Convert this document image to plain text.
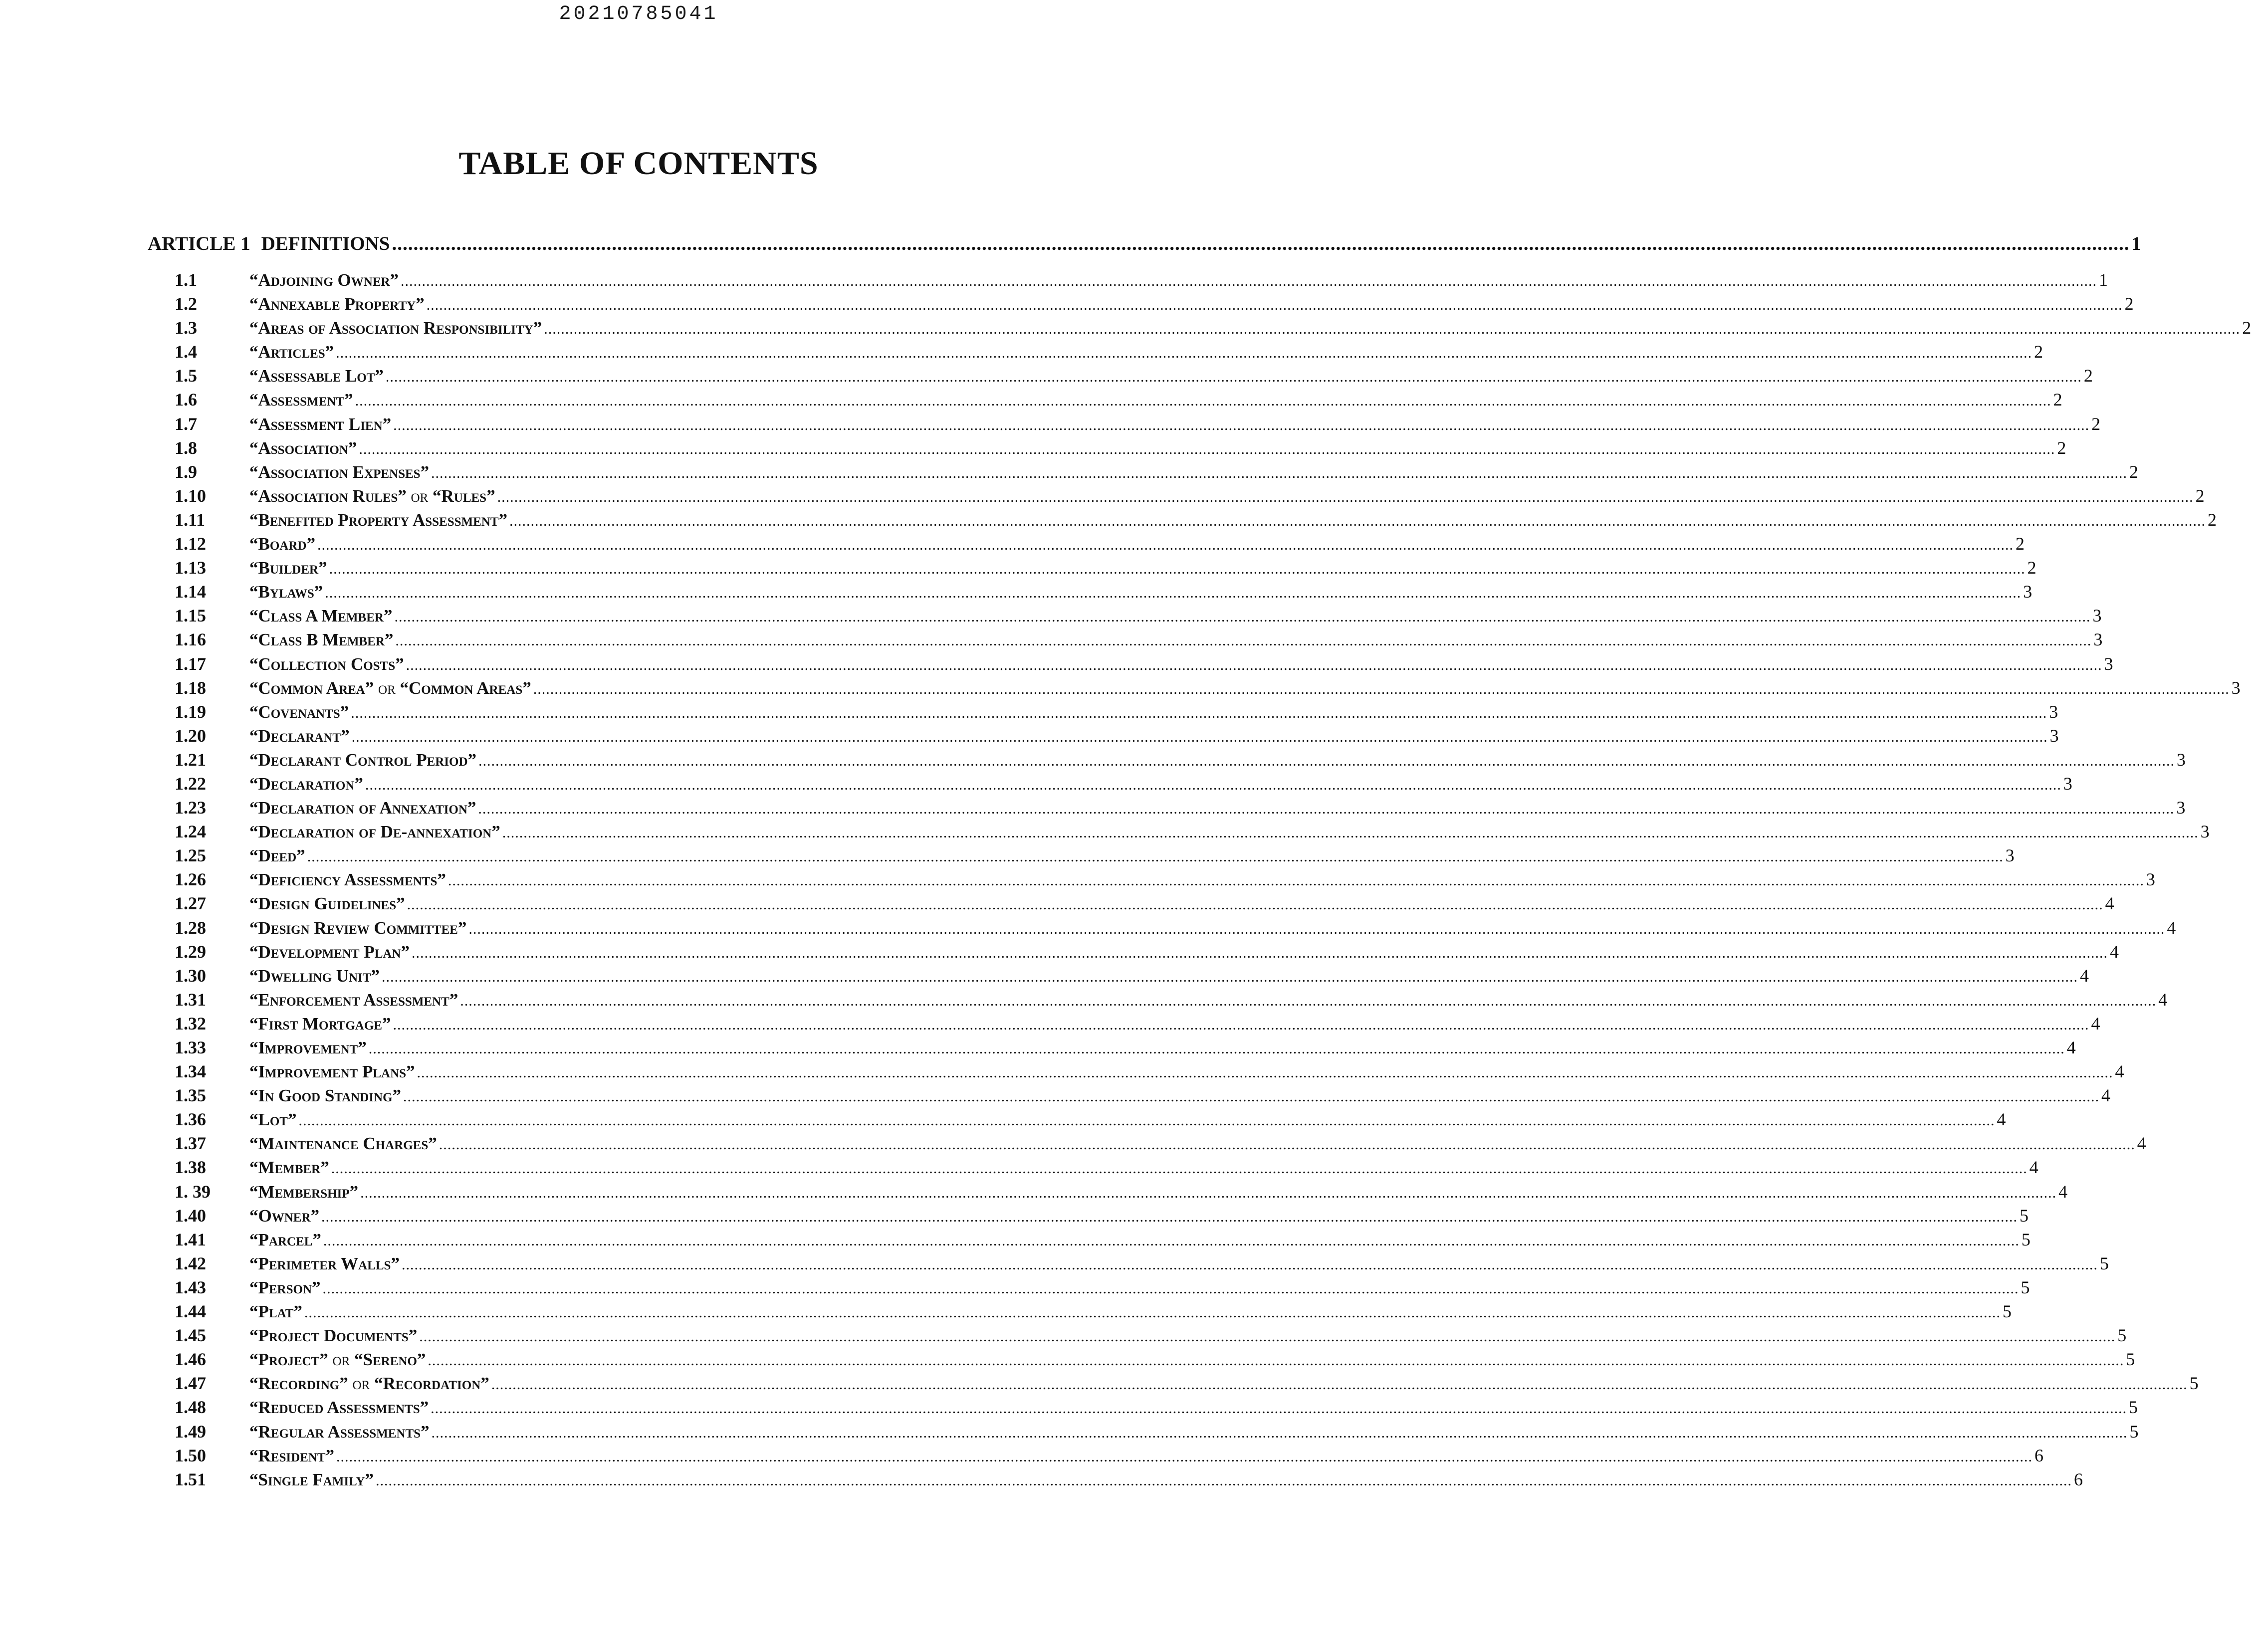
20210785041
TABLE OF CONTENTS
ARTICLE 1 DEFINITIONS .................................................................................................................................................................................................................................................................................................................................... 1
1.1	“Adjoining Owner” ................................................................................................................................................................................................................................................................................................................................................................................................................ 1
1.2	“Annexable Property” ................................................................................................................................................................................................................................................................................................................................................................................................................ 2
1.3	“Areas of Association Responsibility” ................................................................................................................................................................................................................................................................................................................................................................................................................ 2
1.4	“Articles” ................................................................................................................................................................................................................................................................................................................................................................................................................ 2
1.5	“Assessable Lot” ................................................................................................................................................................................................................................................................................................................................................................................................................ 2
1.6	“Assessment” ................................................................................................................................................................................................................................................................................................................................................................................................................ 2
1.7	“Assessment Lien” ................................................................................................................................................................................................................................................................................................................................................................................................................ 2
1.8	“Association” ................................................................................................................................................................................................................................................................................................................................................................................................................ 2
1.9	“Association Expenses” ................................................................................................................................................................................................................................................................................................................................................................................................................ 2
1.10	“Association Rules” or “Rules” ................................................................................................................................................................................................................................................................................................................................................................................................................ 2
1.11	“Benefited Property Assessment” ................................................................................................................................................................................................................................................................................................................................................................................................................ 2
1.12	“Board” ................................................................................................................................................................................................................................................................................................................................................................................................................ 2
1.13	“Builder” ................................................................................................................................................................................................................................................................................................................................................................................................................ 2
1.14	“Bylaws” ................................................................................................................................................................................................................................................................................................................................................................................................................ 3
1.15	“Class A Member” ................................................................................................................................................................................................................................................................................................................................................................................................................ 3
1.16	“Class B Member” ................................................................................................................................................................................................................................................................................................................................................................................................................ 3
1.17	“Collection Costs” ................................................................................................................................................................................................................................................................................................................................................................................................................ 3
1.18	“Common Area” or “Common Areas” ................................................................................................................................................................................................................................................................................................................................................................................................................ 3
1.19	“Covenants” ................................................................................................................................................................................................................................................................................................................................................................................................................ 3
1.20	“Declarant” ................................................................................................................................................................................................................................................................................................................................................................................................................ 3
1.21	“Declarant Control Period” ................................................................................................................................................................................................................................................................................................................................................................................................................ 3
1.22	“Declaration” ................................................................................................................................................................................................................................................................................................................................................................................................................ 3
1.23	“Declaration of Annexation” ................................................................................................................................................................................................................................................................................................................................................................................................................ 3
1.24	“Declaration of De-annexation” ................................................................................................................................................................................................................................................................................................................................................................................................................ 3
1.25	“Deed” ................................................................................................................................................................................................................................................................................................................................................................................................................ 3
1.26	“Deficiency Assessments” ................................................................................................................................................................................................................................................................................................................................................................................................................ 3
1.27	“Design Guidelines” ................................................................................................................................................................................................................................................................................................................................................................................................................ 4
1.28	“Design Review Committee” ................................................................................................................................................................................................................................................................................................................................................................................................................ 4
1.29	“Development Plan” ................................................................................................................................................................................................................................................................................................................................................................................................................ 4
1.30	“Dwelling Unit” ................................................................................................................................................................................................................................................................................................................................................................................................................ 4
1.31	“Enforcement Assessment” ................................................................................................................................................................................................................................................................................................................................................................................................................ 4
1.32	“First Mortgage” ................................................................................................................................................................................................................................................................................................................................................................................................................ 4
1.33	“Improvement” ................................................................................................................................................................................................................................................................................................................................................................................................................ 4
1.34	“Improvement Plans” ................................................................................................................................................................................................................................................................................................................................................................................................................ 4
1.35	“In Good Standing” ................................................................................................................................................................................................................................................................................................................................................................................................................ 4
1.36	“Lot” ................................................................................................................................................................................................................................................................................................................................................................................................................ 4
1.37	“Maintenance Charges” ................................................................................................................................................................................................................................................................................................................................................................................................................ 4
1.38	“Member” ................................................................................................................................................................................................................................................................................................................................................................................................................ 4
1. 39	“Membership” ................................................................................................................................................................................................................................................................................................................................................................................................................ 4
1.40	“Owner” ................................................................................................................................................................................................................................................................................................................................................................................................................ 5
1.41	“Parcel” ................................................................................................................................................................................................................................................................................................................................................................................................................ 5
1.42	“Perimeter Walls” ................................................................................................................................................................................................................................................................................................................................................................................................................ 5
1.43	“Person” ................................................................................................................................................................................................................................................................................................................................................................................................................ 5
1.44	“Plat” ................................................................................................................................................................................................................................................................................................................................................................................................................ 5
1.45	“Project Documents” ................................................................................................................................................................................................................................................................................................................................................................................................................ 5
1.46	“Project” or “Sereno” ................................................................................................................................................................................................................................................................................................................................................................................................................ 5
1.47	“Recording” or “Recordation” ................................................................................................................................................................................................................................................................................................................................................................................................................ 5
1.48	“Reduced Assessments” ................................................................................................................................................................................................................................................................................................................................................................................................................ 5
1.49	“Regular Assessments” ................................................................................................................................................................................................................................................................................................................................................................................................................ 5
1.50	“Resident” ................................................................................................................................................................................................................................................................................................................................................................................................................ 6
1.51	“Single Family” ................................................................................................................................................................................................................................................................................................................................................................................................................ 6
